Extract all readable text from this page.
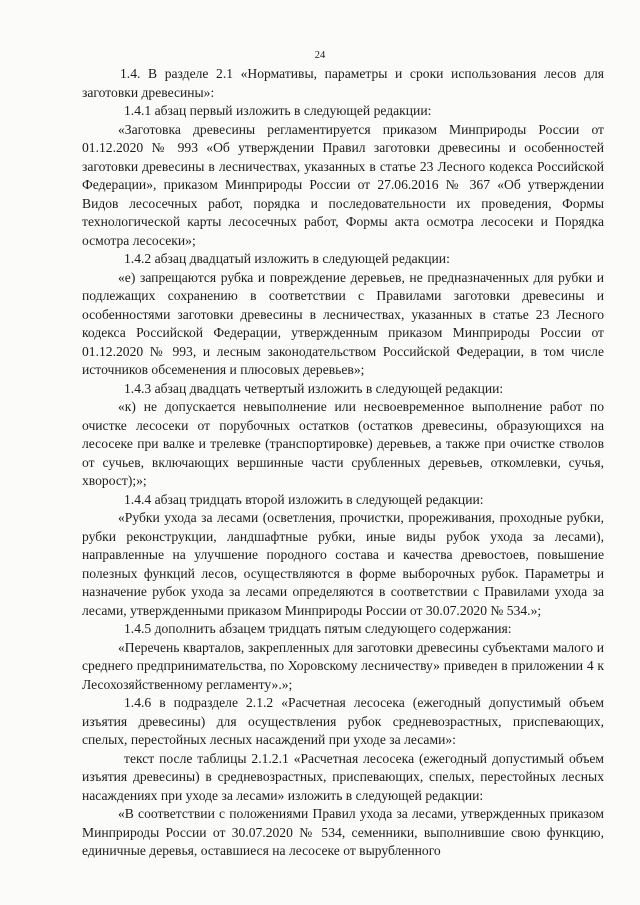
24

1.4. В разделе 2.1 «Нормативы, параметры и сроки использования лесов для заготовки древесины»:

1.4.1 абзац первый изложить в следующей редакции:

«Заготовка древесины регламентируется приказом Минприроды России от 01.12.2020 № 993 «Об утверждении Правил заготовки древесины и особенностей заготовки древесины в лесничествах, указанных в статье 23 Лесного кодекса Российской Федерации», приказом Минприроды России от 27.06.2016 № 367 «Об утверждении Видов лесосечных работ, порядка и последовательности их проведения, Формы технологической карты лесосечных работ, Формы акта осмотра лесосеки и Порядка осмотра лесосеки»;

1.4.2 абзац двадцатый изложить в следующей редакции:

«е) запрещаются рубка и повреждение деревьев, не предназначенных для рубки и подлежащих сохранению в соответствии с Правилами заготовки древесины и особенностями заготовки древесины в лесничествах, указанных в статье 23 Лесного кодекса Российской Федерации, утвержденным приказом Минприроды России от 01.12.2020 № 993, и лесным законодательством Российской Федерации, в том числе источников обсеменения и плюсовых деревьев»;

1.4.3 абзац двадцать четвертый изложить в следующей редакции:

«к) не допускается невыполнение или несвоевременное выполнение работ по очистке лесосеки от порубочных остатков (остатков древесины, образующихся на лесосеке при валке и трелевке (транспортировке) деревьев, а также при очистке стволов от сучьев, включающих вершинные части срубленных деревьев, откомлевки, сучья, хворост);»;

1.4.4 абзац тридцать второй изложить в следующей редакции:

«Рубки ухода за лесами (осветления, прочистки, прореживания, проходные рубки, рубки реконструкции, ландшафтные рубки, иные виды рубок ухода за лесами), направленные на улучшение породного состава и качества древостоев, повышение полезных функций лесов, осуществляются в форме выборочных рубок. Параметры и назначение рубок ухода за лесами определяются в соответствии с Правилами ухода за лесами, утвержденными приказом Минприроды России от 30.07.2020 № 534.»;

1.4.5 дополнить абзацем тридцать пятым следующего содержания:

«Перечень кварталов, закрепленных для заготовки древесины субъектами малого и среднего предпринимательства, по Хоровскому лесничеству» приведен в приложении 4 к Лесохозяйственному регламенту».»;

1.4.6 в подразделе 2.1.2 «Расчетная лесосека (ежегодный допустимый объем изъятия древесины) для осуществления рубок средневозрастных, приспевающих, спелых, перестойных лесных насаждений при уходе за лесами»:

текст после таблицы 2.1.2.1 «Расчетная лесосека (ежегодный допустимый объем изъятия древесины) в средневозрастных, приспевающих, спелых, перестойных лесных насаждениях при уходе за лесами» изложить в следующей редакции:

«В соответствии с положениями Правил ухода за лесами, утвержденных приказом Минприроды России от 30.07.2020 № 534, семенники, выполнившие свою функцию, единичные деревья, оставшиеся на лесосеке от вырубленного
